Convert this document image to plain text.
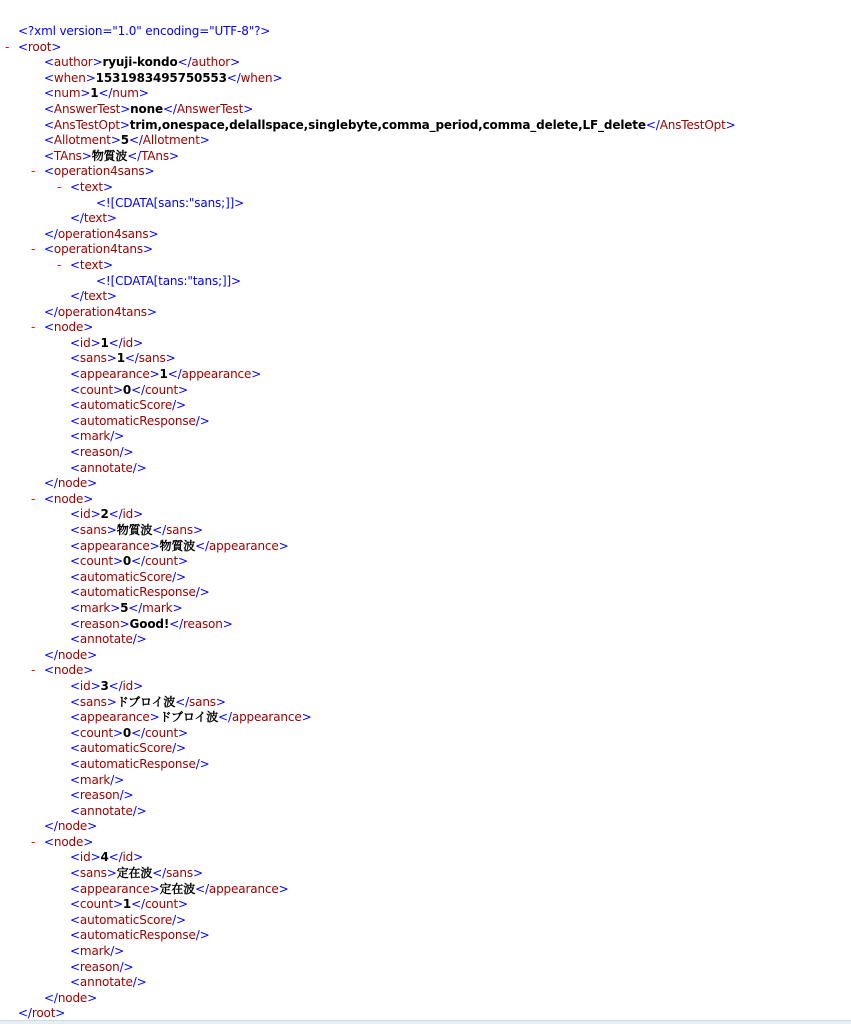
<?xml version="1.0" encoding="UTF-8"?>
- <root>
<author>ryuji-kondo</author>
<when>1531983495750553</when>
<num>1</num>
<AnswerTest>none</AnswerTest>
<AnsTestOpt>trim,onespace,delallspace,singlebyte,comma_period,comma_delete,LF_delete</AnsTestOpt>
<Allotment>5</Allotment>
<TAns>物質波</TAns>
- <operation4sans>
- <text>
<![CDATA[sans:"sans;]]>
</text>
</operation4sans>
- <operation4tans>
- <text>
<![CDATA[tans:"tans;]]>
</text>
</operation4tans>
- <node>
<id>1</id>
<sans>1</sans>
<appearance>1</appearance>
<count>0</count>
<automaticScore/>
<automaticResponse/>
<mark/>
<reason/>
<annotate/>
</node>
- <node>
<id>2</id>
<sans>物質波</sans>
<appearance>物質波</appearance>
<count>0</count>
<automaticScore/>
<automaticResponse/>
<mark>5</mark>
<reason>Good!</reason>
<annotate/>
</node>
- <node>
<id>3</id>
<sans>ドブロイ波</sans>
<appearance>ドブロイ波</appearance>
<count>0</count>
<automaticScore/>
<automaticResponse/>
<mark/>
<reason/>
<annotate/>
</node>
- <node>
<id>4</id>
<sans>定在波</sans>
<appearance>定在波</appearance>
<count>1</count>
<automaticScore/>
<automaticResponse/>
<mark/>
<reason/>
<annotate/>
</node>
</root>
